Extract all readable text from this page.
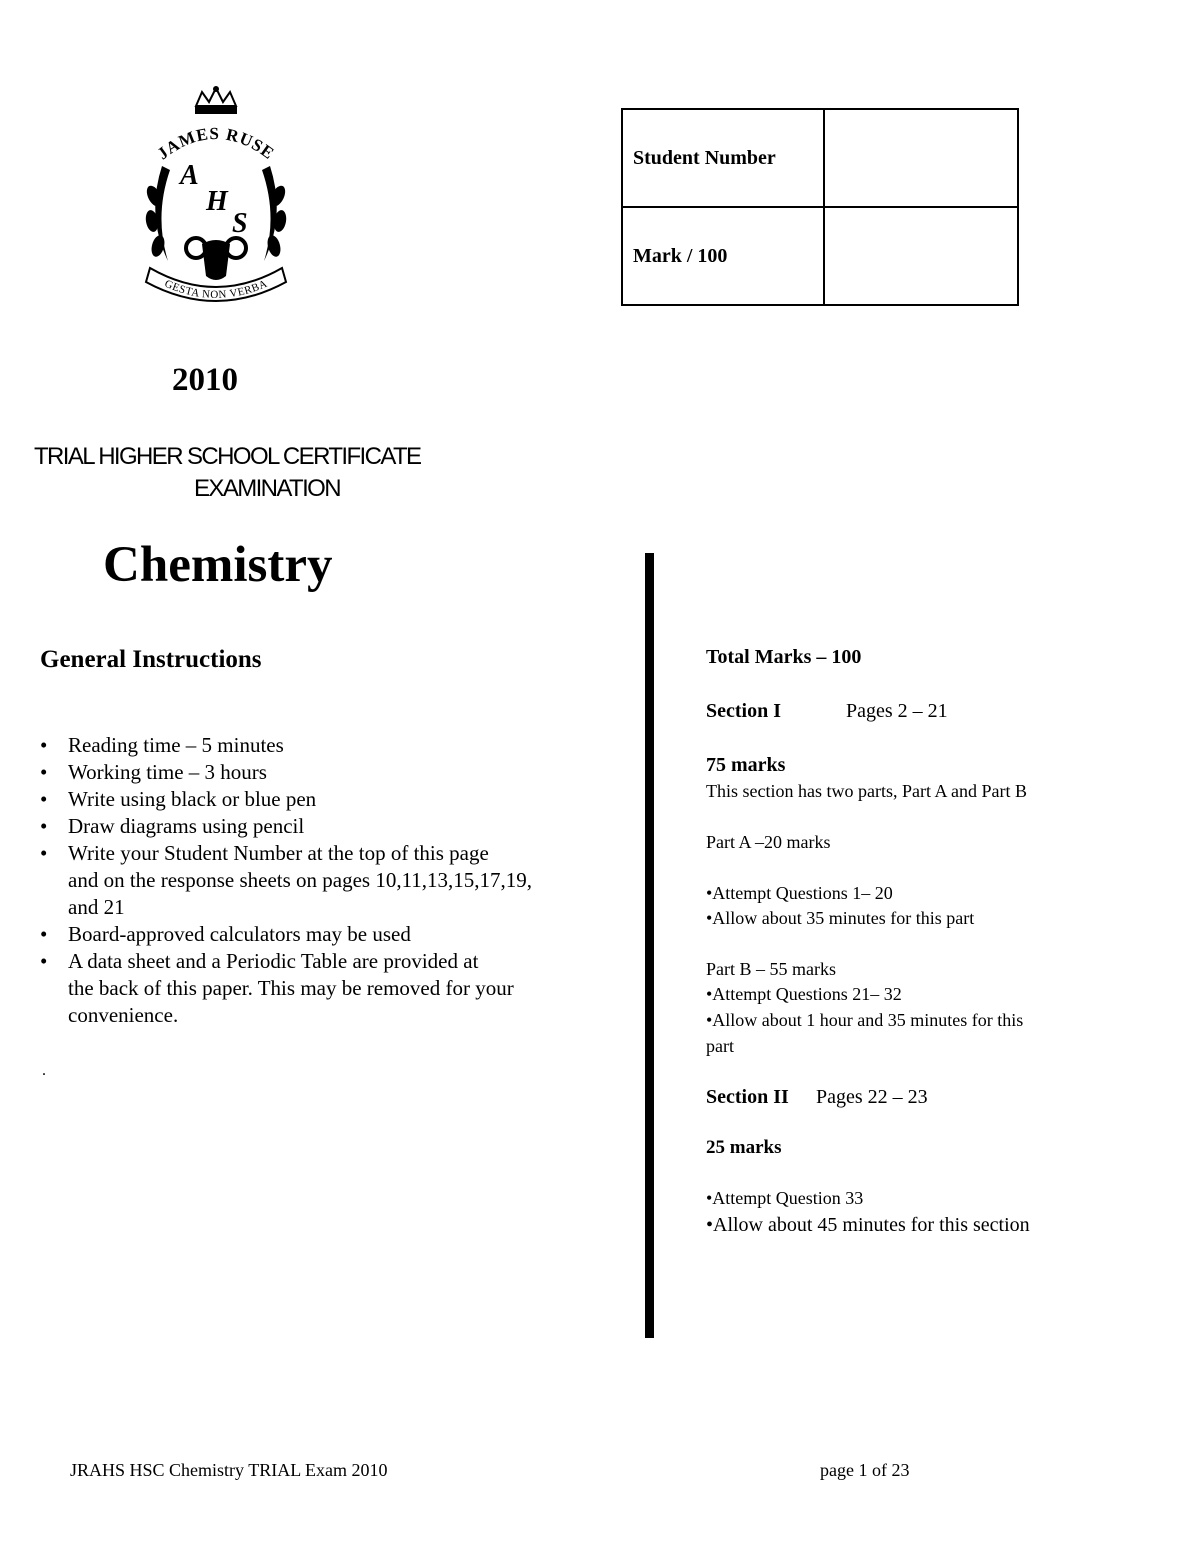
JAMES RUSE
A
H
S
GESTA NON VERBA
Student Number	
Mark / 100	
2010
TRIAL HIGHER SCHOOL CERTIFICATE
EXAMINATION
Chemistry
General Instructions
• Reading time – 5 minutes
• Working time – 3 hours
• Write using black or blue pen
• Draw diagrams using pencil
• Write your Student Number at the top of this page
and on the response sheets on pages 10,11,13,15,17,19,
and 21
• Board-approved calculators may be used
• A data sheet and a Periodic Table are provided at
the back of this paper. This may be removed for your
convenience.
.
Total Marks – 100
Section I	Pages 2 – 21
75 marks
This section has two parts, Part A and Part B
Part A –20 marks
•Attempt Questions 1– 20
•Allow about 35 minutes for this part
Part B – 55 marks
•Attempt Questions 21– 32
•Allow about 1 hour and 35 minutes for this
part
Section II Pages 22 – 23
25 marks
•Attempt Question 33
•Allow about 45 minutes for this section
JRAHS HSC Chemistry TRIAL Exam 2010	page 1 of 23
